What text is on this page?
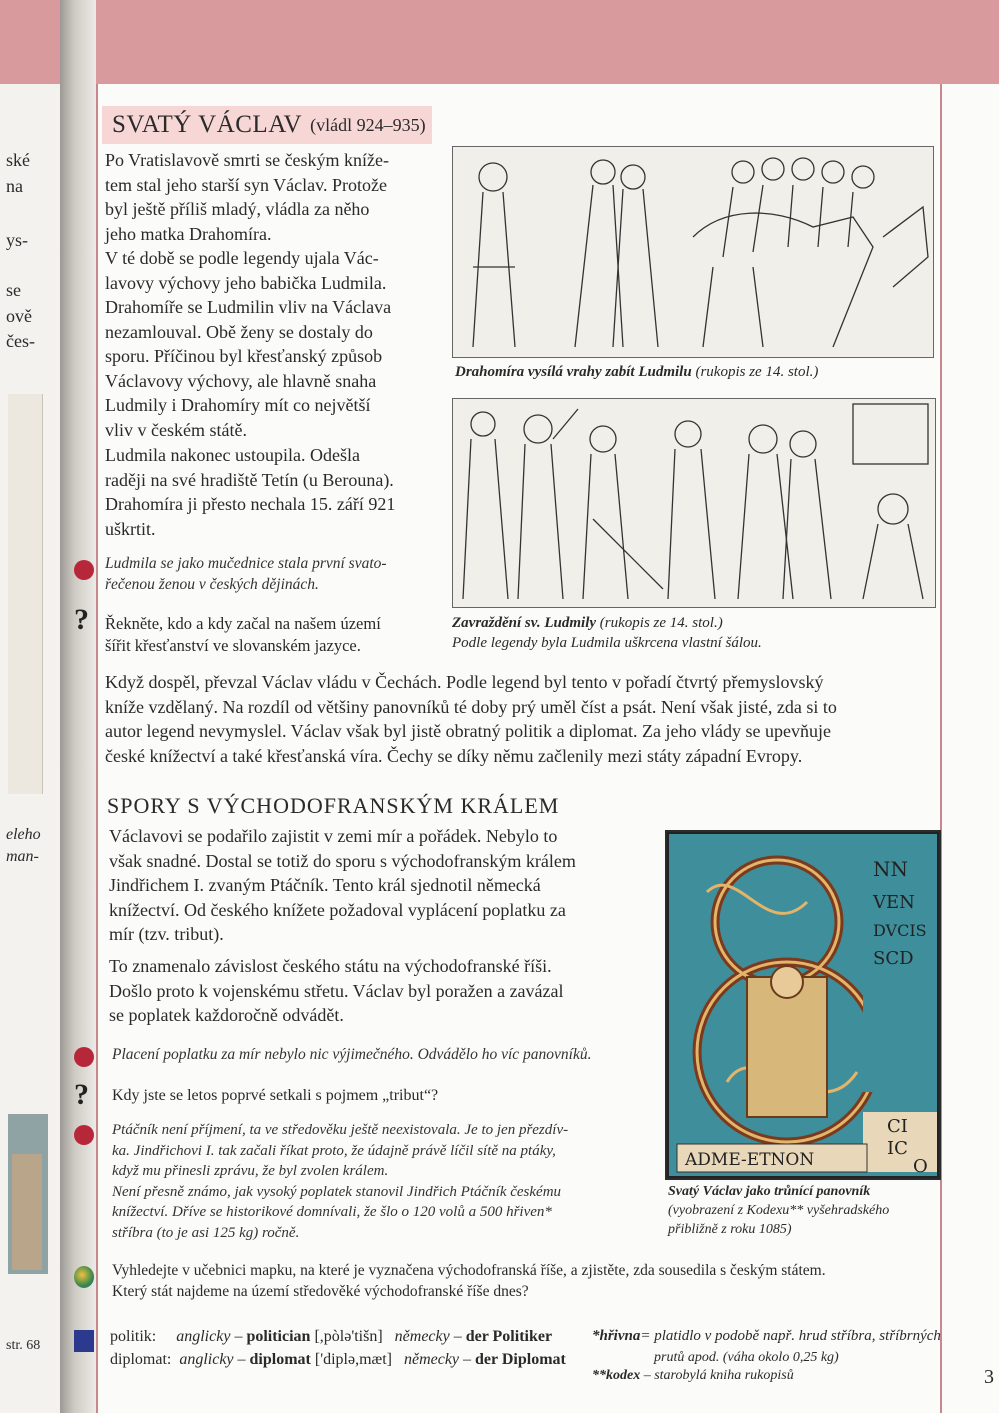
ské
na
ys-
se
ově
čes-
eleho
man-
str. 68
SVATÝ VÁCLAV (vládl 924–935)

Po Vratislavově smrti se českým kníže-
tem stal jeho starší syn Václav. Protože
byl ještě příliš mladý, vládla za něho
jeho matka Drahomíra.

V té době se podle legendy ujala Vác-
lavovy výchovy jeho babička Ludmila.
Drahomíře se Ludmilin vliv na Václava
nezamlouval. Obě ženy se dostaly do
sporu. Příčinou byl křesťanský způsob
Václavovy výchovy, ale hlavně snaha
Ludmily i Drahomíry mít co největší
vliv v českém státě.

Ludmila nakonec ustoupila. Odešla
raději na své hradiště Tetín (u Berouna).
Drahomíra ji přesto nechala 15. září 921
uškrtit.

Ludmila se jako mučednice stala první svato-
řečenou ženou v českých dějinách.

? Řekněte, kdo a kdy začal na našem území
šířit křesťanství ve slovanském jazyce.

Drahomíra vysílá vrahy zabít Ludmilu (rukopis ze 14. stol.)
Zavraždění sv. Ludmily (rukopis ze 14. stol.)
Podle legendy byla Ludmila uškrcena vlastní šálou.

Když dospěl, převzal Václav vládu v Čechách. Podle legend byl tento v pořadí čtvrtý přemyslovský
kníže vzdělaný. Na rozdíl od většiny panovníků té doby prý uměl číst a psát. Není však jisté, zda si to
autor legend nevymyslel. Václav však byl jistě obratný politik a diplomat. Za jeho vlády se upevňuje
české knížectví a také křesťanská víra. Čechy se díky němu začlenily mezi státy západní Evropy.

SPORY S VÝCHODOFRANSKÝM KRÁLEM

Václavovi se podařilo zajistit v zemi mír a pořádek. Nebylo to
však snadné. Dostal se totiž do sporu s východofranským králem
Jindřichem I. zvaným Ptáčník. Tento král sjednotil německá
knížectví. Od českého knížete požadoval vyplácení poplatku za
mír (tzv. tribut).

To znamenalo závislost českého státu na východofranské říši.
Došlo proto k vojenskému střetu. Václav byl poražen a zavázal
se poplatek každoročně odvádět.

Placení poplatku za mír nebylo nic výjimečného. Odvádělo ho víc panovníků.

?	Kdy jste se letos poprvé setkali s pojmem „tribut“?

Ptáčník není příjmení, ta ve středověku ještě neexistovala. Je to jen přezdív-
ka. Jindřichovi I. tak začali říkat proto, že údajně právě líčil sítě na ptáky,
když mu přinesli zprávu, že byl zvolen králem.
Není přesně známo, jak vysoký poplatek stanovil Jindřich Ptáčník českému
knížectví. Dříve se historikové domnívali, že šlo o 120 volů a 500 hřiven*
stříbra (to je asi 125 kg) ročně.

NN
VEN
DVCIS
SCD
CI
IC
ADME-ETNON	O
Svatý Václav jako trůnící panovník
(vyobrazení z Kodexu** vyšehradského
přibližně z roku 1085)

Vyhledejte v učebnici mapku, na které je vyznačena východofranská říše, a zjistěte, zda sousedila s českým státem.
Který stát najdeme na území středověké východofranské říše dnes?

politik: anglicky – politician [,pòlə'tišn] německy – der Politiker
diplomat: anglicky – diplomat ['diplə,mæt] německy – der Diplomat
*hřivna= platidlo v podobě např. hrud stříbra, stříbrných
prutů apod. (váha okolo 0,25 kg)
**kodex – starobylá kniha rukopisů	3
